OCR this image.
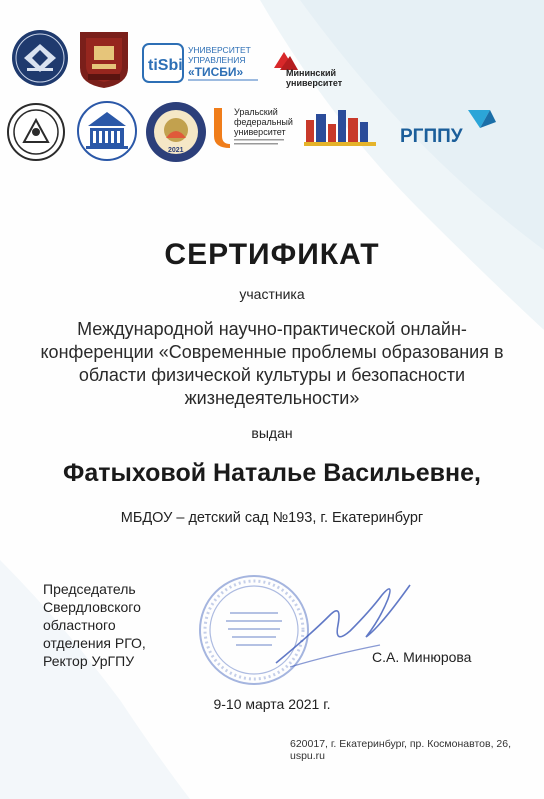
tiSbi
УНИВЕРСИТЕТ
УПРАВЛЕНИЯ
«ТИСБИ»	Мининский
университет
2021
Уральский
федеральный
университет	РГППУ
СЕРТИФИКАТ
участника
Международной научно-практической онлайн-
конференции «Современные проблемы образования в
области физической культуры и безопасности
жизнедеятельности»
выдан
Фатыховой Наталье Васильевне,
МБДОУ – детский сад №193, г. Екатеринбург
Председатель
Свердловского
областного
отделения РГО,
Ректор УрГПУ	С.А. Минюрова
9-10 марта 2021 г.
620017, г. Екатеринбург, пр. Космонавтов, 26, uspu.ru
